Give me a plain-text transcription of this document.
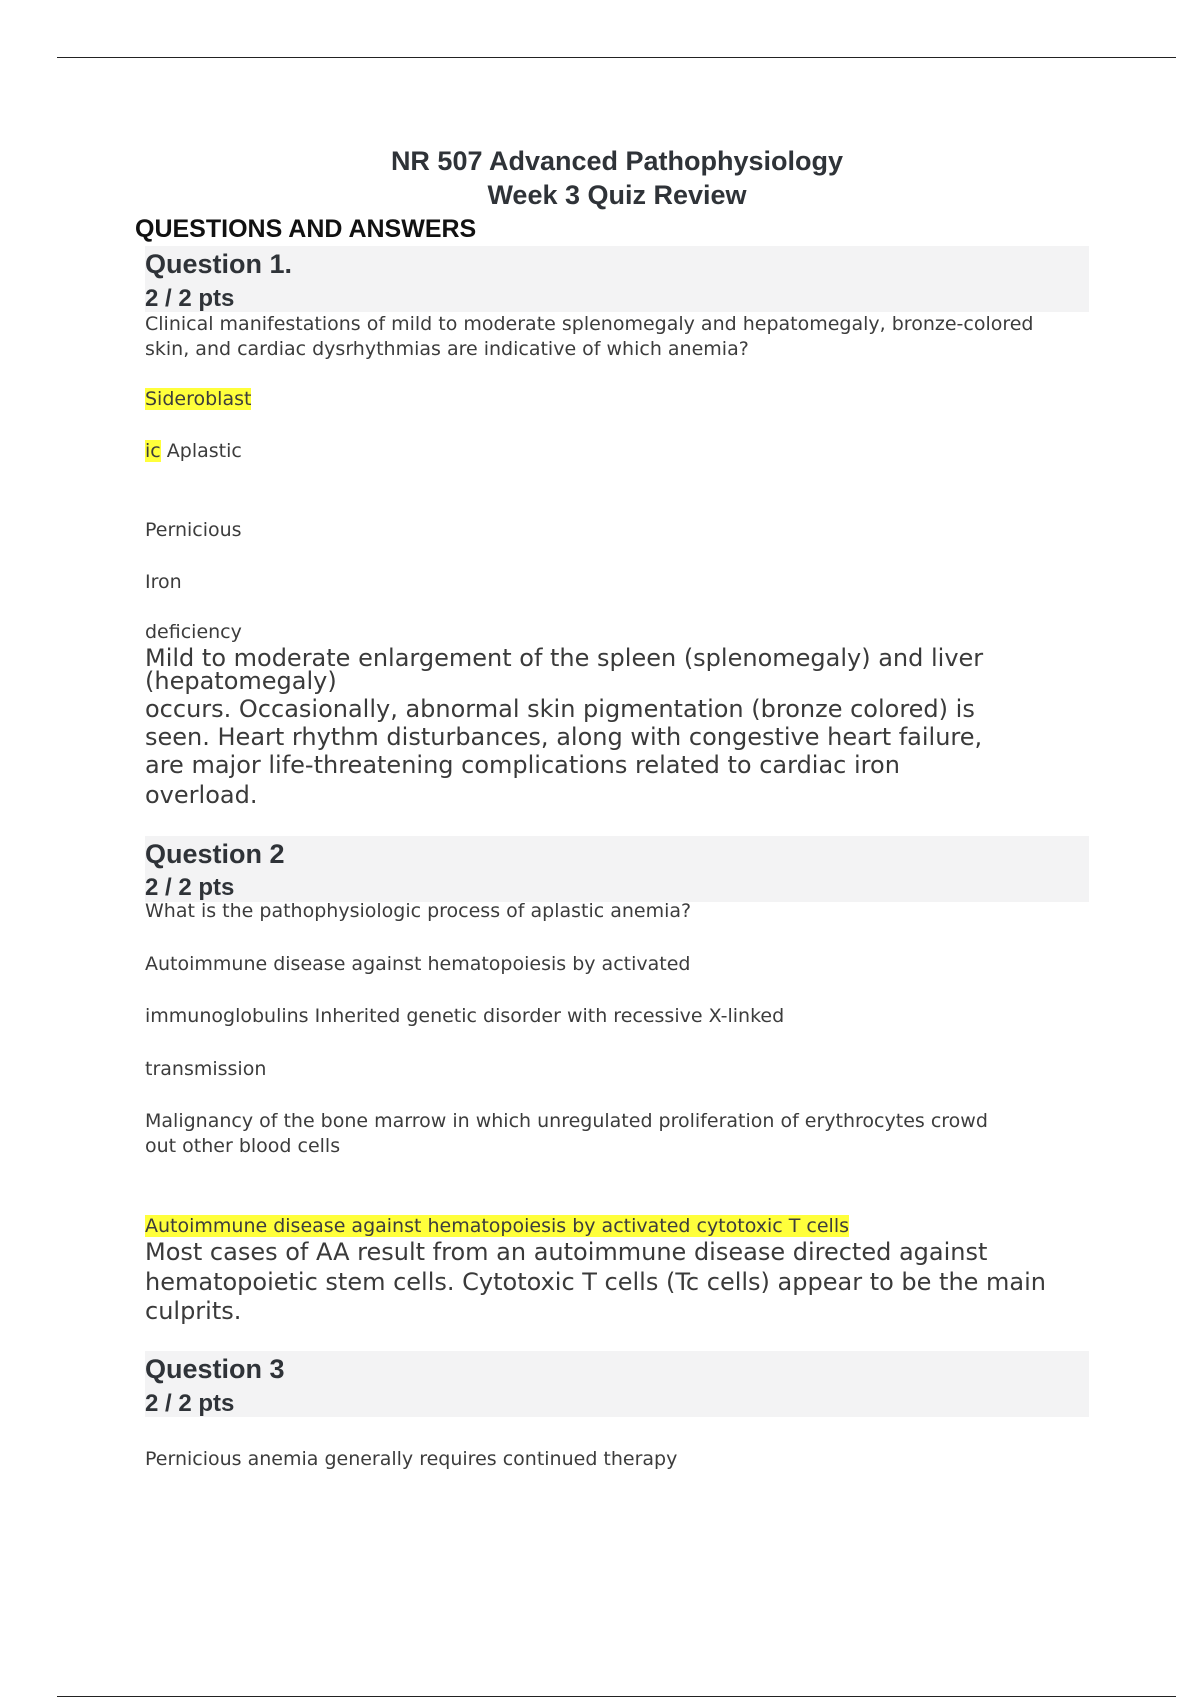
NR 507 Advanced Pathophysiology
Week 3 Quiz Review
QUESTIONS AND ANSWERS
Question 1.
2 / 2 pts
Clinical manifestations of mild to moderate splenomegaly and hepatomegaly, bronze-colored
skin, and cardiac dysrhythmias are indicative of which anemia?
Sideroblast
ic Aplastic
Pernicious
Iron
deficiency
Mild to moderate enlargement of the spleen (splenomegaly) and liver
(hepatomegaly)
occurs. Occasionally, abnormal skin pigmentation (bronze colored) is
seen. Heart rhythm disturbances, along with congestive heart failure,
are major life-threatening complications related to cardiac iron
overload.
Question 2
2 / 2 pts
What is the pathophysiologic process of aplastic anemia?
Autoimmune disease against hematopoiesis by activated
immunoglobulins Inherited genetic disorder with recessive X-linked
transmission
Malignancy of the bone marrow in which unregulated proliferation of erythrocytes crowd
out other blood cells
Autoimmune disease against hematopoiesis by activated cytotoxic T cells
Most cases of AA result from an autoimmune disease directed against
hematopoietic stem cells. Cytotoxic T cells (Tc cells) appear to be the main
culprits.
Question 3
2 / 2 pts
Pernicious anemia generally requires continued therapy
